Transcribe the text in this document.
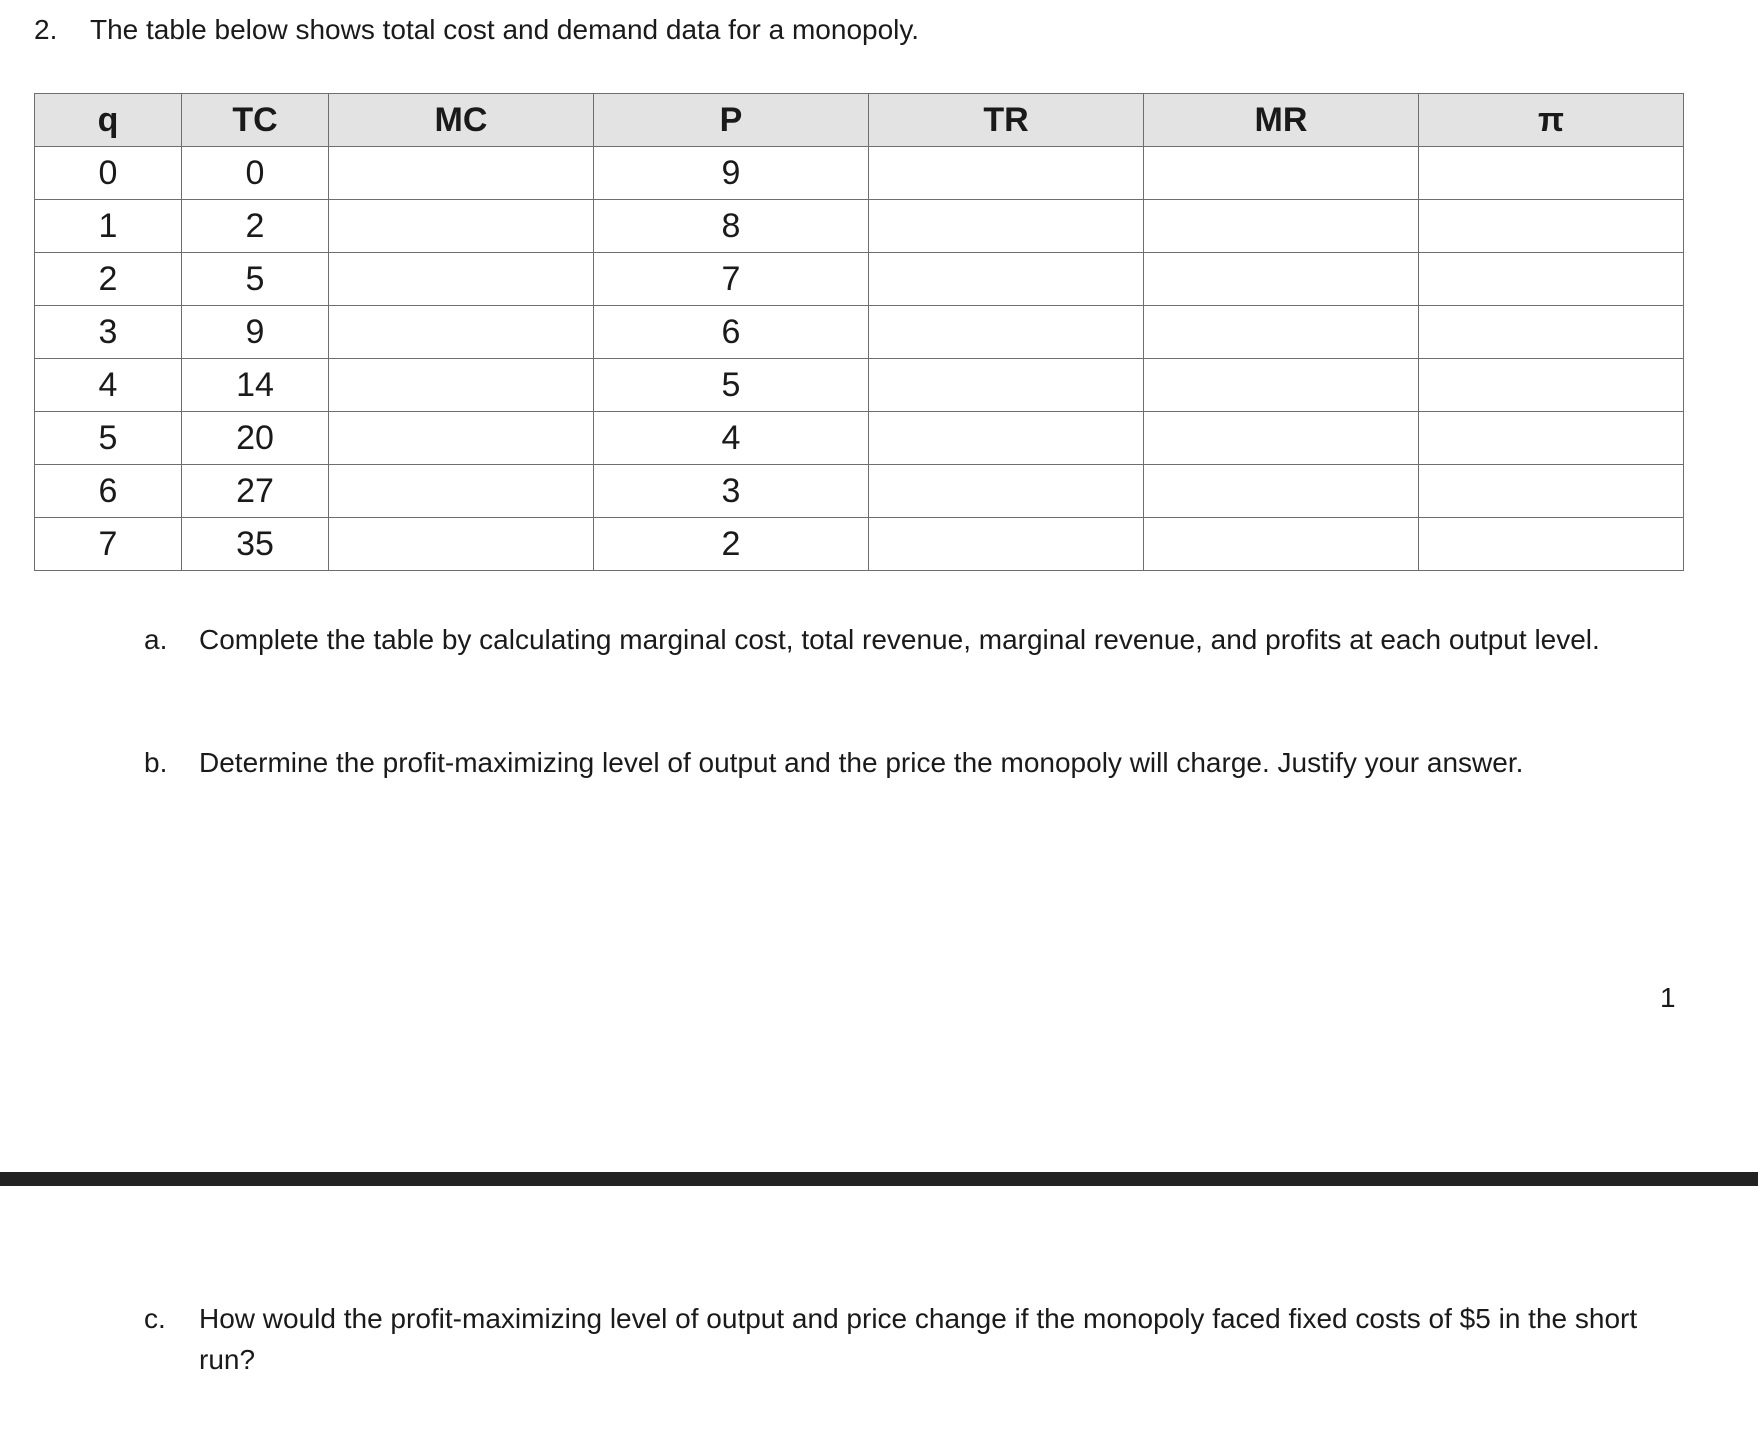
2. The table below shows total cost and demand data for a monopoly.
q	TC	MC	P	TR	MR	π
0	0		9			
1	2		8			
2	5		7			
3	9		6			
4	14		5			
5	20		4			
6	27		3			
7	35		2			
a. Complete the table by calculating marginal cost, total revenue, marginal revenue, and profits at each output level.
b. Determine the profit-maximizing level of output and the price the monopoly will charge. Justify your answer.
1
c. How would the profit-maximizing level of output and price change if the monopoly faced fixed costs of $5 in the short run?
